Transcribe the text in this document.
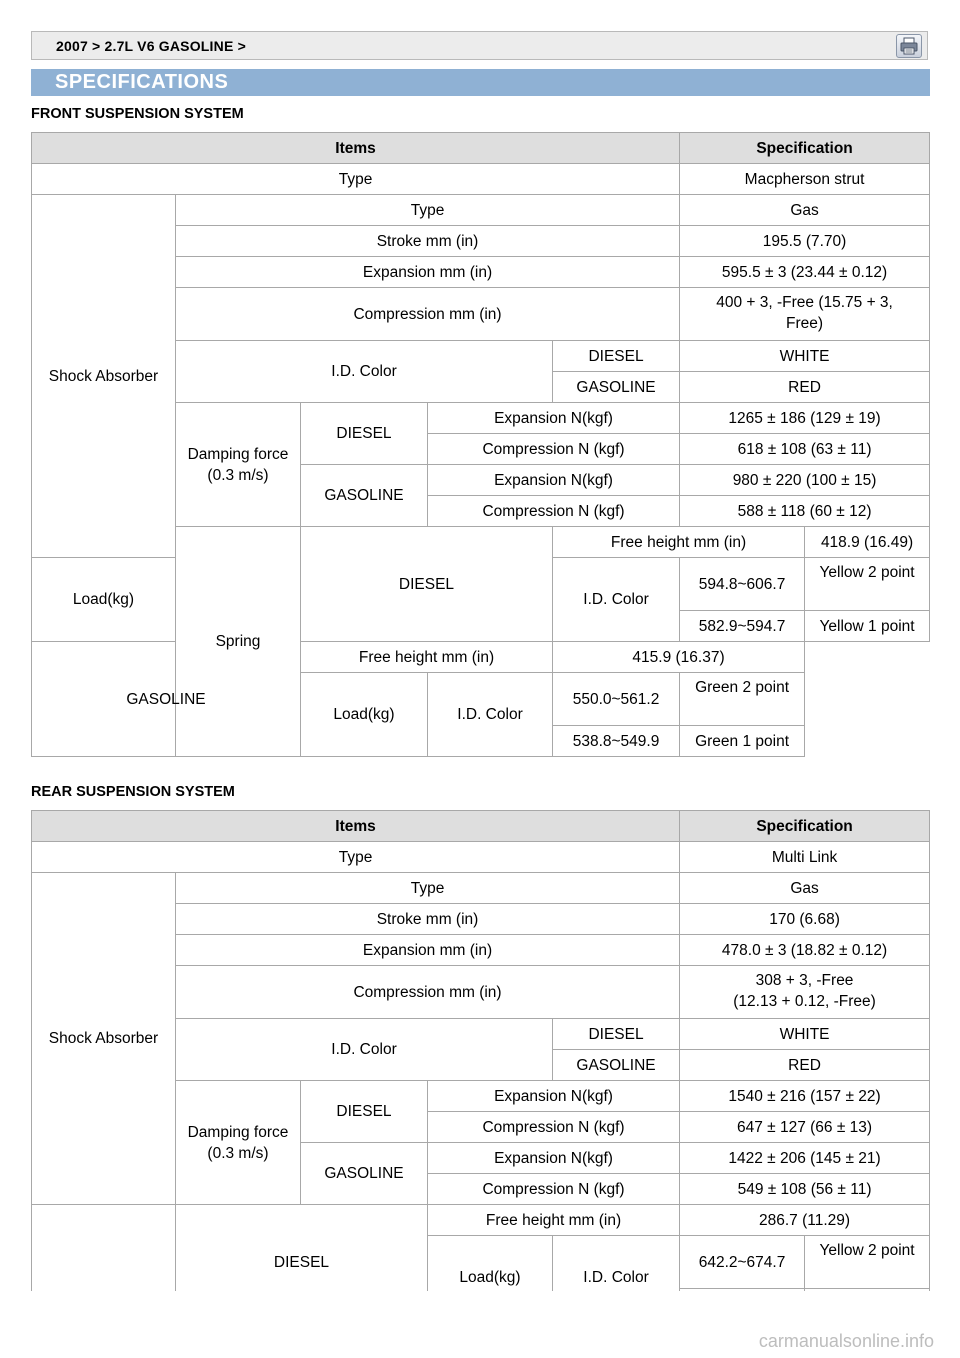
2007 > 2.7L V6 GASOLINE >
SPECIFICATIONS
FRONT SUSPENSION SYSTEM
Items					Specification	
Type					Macpherson strut	
Shock Absorber	Type				Gas	
	Stroke mm (in)				195.5 (7.70)	
	Expansion mm (in)				595.5 ± 3 (23.44 ± 0.12)	
	Compression mm (in)				400 + 3, -Free (15.75 + 3, Free)	
	I.D. Color			DIESEL	WHITE	
				GASOLINE	RED	
	Damping force (0.3 m/s)	DIESEL	Expansion N(kgf)		1265 ± 186 (129 ± 19)	
			Compression N (kgf)		618 ± 108 (63 ± 11)	
		GASOLINE	Expansion N(kgf)		980 ± 220 (100 ± 15)	
			Compression N (kgf)		588 ± 118 (60 ± 12)	
	Spring	DIESEL		Free height mm (in)		418.9 (16.49)
Load(kg)				I.D. Color	594.8~606.7	Yellow 2 point
					582.9~594.7	Yellow 1 point
GASOLINE		Free height mm (in)		415.9 (16.37)		
		Load(kg)	I.D. Color	550.0~561.2	Green 2 point	
				538.8~549.9	Green 1 point	
REAR SUSPENSION SYSTEM
Items					Specification	
Type					Multi Link	
Shock Absorber	Type				Gas	
	Stroke mm (in)				170 (6.68)	
	Expansion mm (in)				478.0 ± 3 (18.82 ± 0.12)	
	Compression mm (in)				308 + 3, -Free
(12.13 + 0.12, -Free)	

	I.D. Color			DIESEL	WHITE	
				GASOLINE	RED	
	Damping force (0.3 m/s)	DIESEL	Expansion N(kgf)		1540 ± 216 (157 ± 22)	
			Compression N (kgf)		647 ± 127 (66 ± 13)	
		GASOLINE	Expansion N(kgf)		1422 ± 206 (145 ± 21)	
			Compression N (kgf)		549 ± 108 (56 ± 11)	
	DIESEL		Free height mm (in)		286.7 (11.29)	
			Load(kg)	I.D. Color	642.2~674.7	Yellow 2 point

carmanualsonline.info
